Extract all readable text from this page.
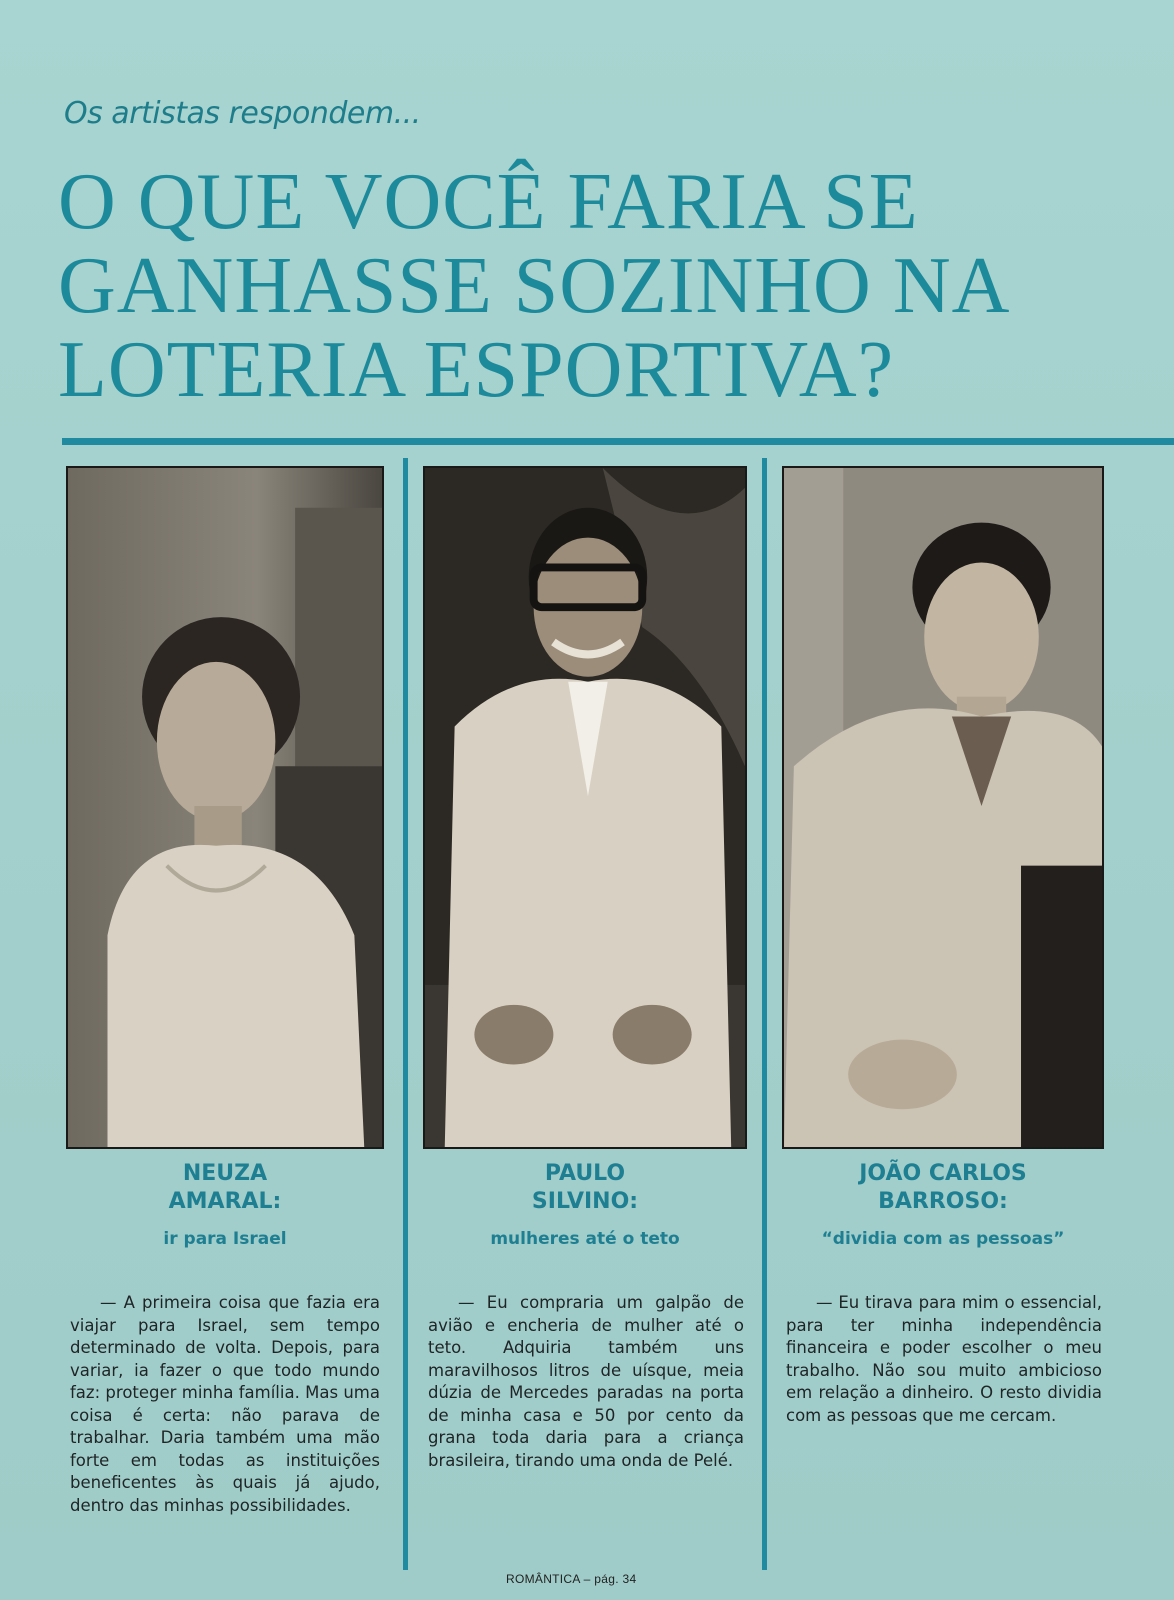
Os artistas respondem...
O QUE VOCÊ FARIA SE
GANHASSE SOZINHO NA
LOTERIA ESPORTIVA?
NEUZA
AMARAL:
ir para Israel
PAULO
SILVINO:
mulheres até o teto
JOÃO CARLOS
BARROSO:
“dividia com as pessoas”
— A primeira coisa que fazia era viajar para Israel, sem tempo determinado de volta. Depois, para variar, ia fazer o que todo mundo faz: proteger minha família. Mas uma coisa é certa: não parava de trabalhar. Daria também uma mão forte em todas as instituições beneficentes às quais já ajudo, dentro das minhas possibilidades.
— Eu compraria um galpão de avião e encheria de mulher até o teto. Adquiria também uns maravilhosos litros de uísque, meia dúzia de Mercedes paradas na porta de minha casa e 50 por cento da grana toda daria para a criança brasileira, tirando uma onda de Pelé.
— Eu tirava para mim o essencial, para ter minha independência financeira e poder escolher o meu trabalho. Não sou muito ambicioso em relação a dinheiro. O resto dividia com as pessoas que me cercam.
ROMÂNTICA – pág. 34
